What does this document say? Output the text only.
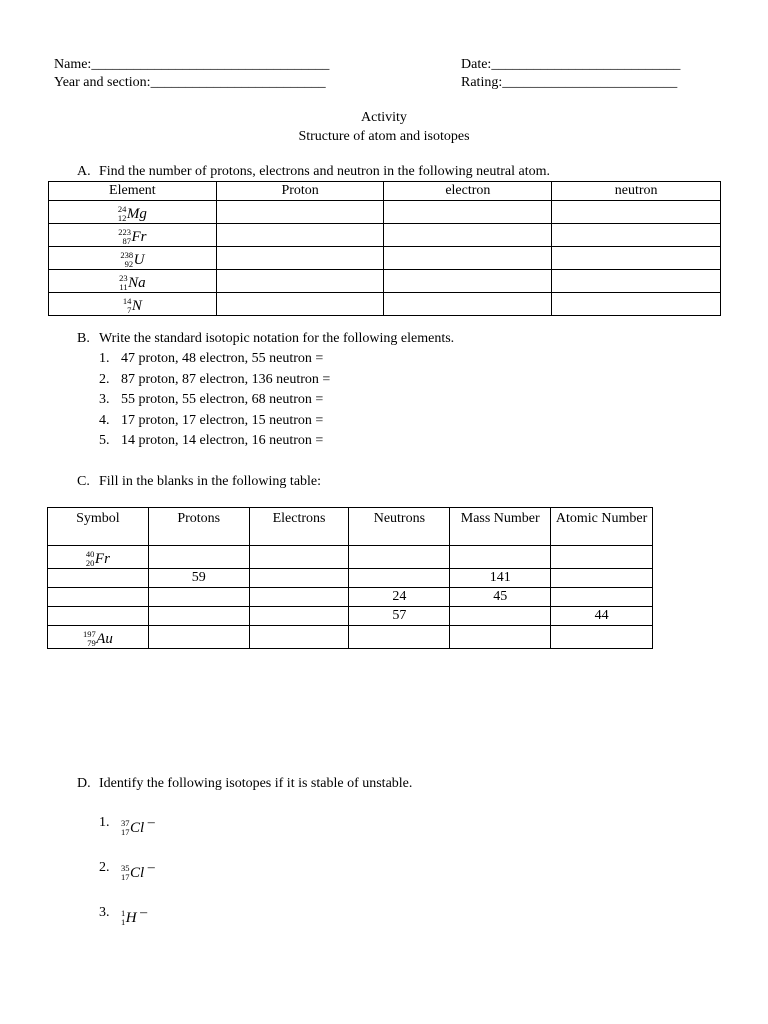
Name:__________________________________	Date:___________________________
Year and section:_________________________	Rating:_________________________
Activity
Structure of atom and isotopes
A. Find the number of protons, electrons and neutron in the following neutral atom.
Element	Proton	electron	neutron

24
12 Mg			

223
87 Fr			

238
92 U			

23
11 Na			

14
7 N			

B. Write the standard isotopic notation for the following elements.
1. 47 proton, 48 electron, 55 neutron =
2. 87 proton, 87 electron, 136 neutron =
3. 55 proton, 55 electron, 68 neutron =
4. 17 proton, 17 electron, 15 neutron =
5. 14 proton, 14 electron, 16 neutron =
C. Fill in the blanks in the following table:
Symbol	Protons	Electrons	Neutrons	Mass Number	Atomic Number

40
20 Fr					

	59			141	
			24	45	
			57		44

197
79 Au					

D. Identify the following isotopes if it is stable of unstable.
1. 37
17 Cl –
2. 35
17 Cl –
3. 1
1 H –
